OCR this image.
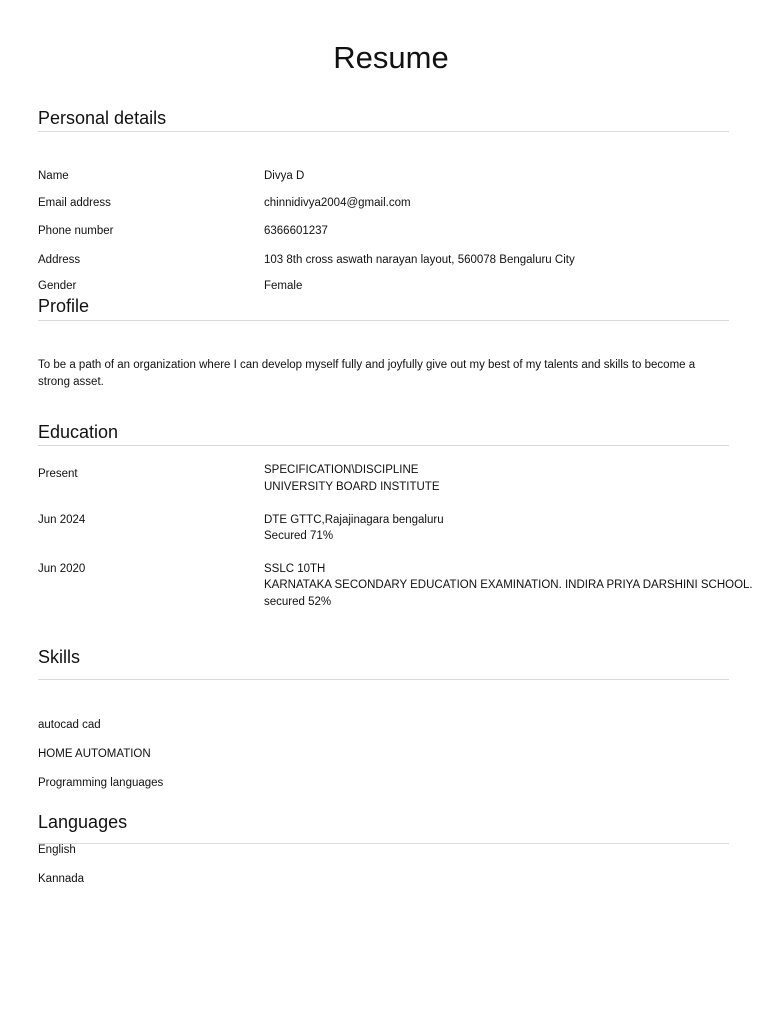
Resume
Personal details
Name	Divya D
Email address	chinnidivya2004@gmail.com
Phone number	6366601237
Address	103 8th cross aswath narayan layout, 560078 Bengaluru City
Gender	Female
Profile
To be a path of an organization where I can develop myself fully and joyfully give out my best of my talents and skills to become a strong asset.
Education
Present	SPECIFICATION\DISCIPLINE
UNIVERSITY BOARD INSTITUTE
Jun 2024	DTE GTTC,Rajajinagara bengaluru
Secured 71%
Jun 2020	SSLC 10TH
KARNATAKA SECONDARY EDUCATION EXAMINATION. INDIRA PRIYA DARSHINI SCHOOL.
secured 52%
Skills
autocad cad
HOME AUTOMATION
Programming languages
Languages
English
Kannada
